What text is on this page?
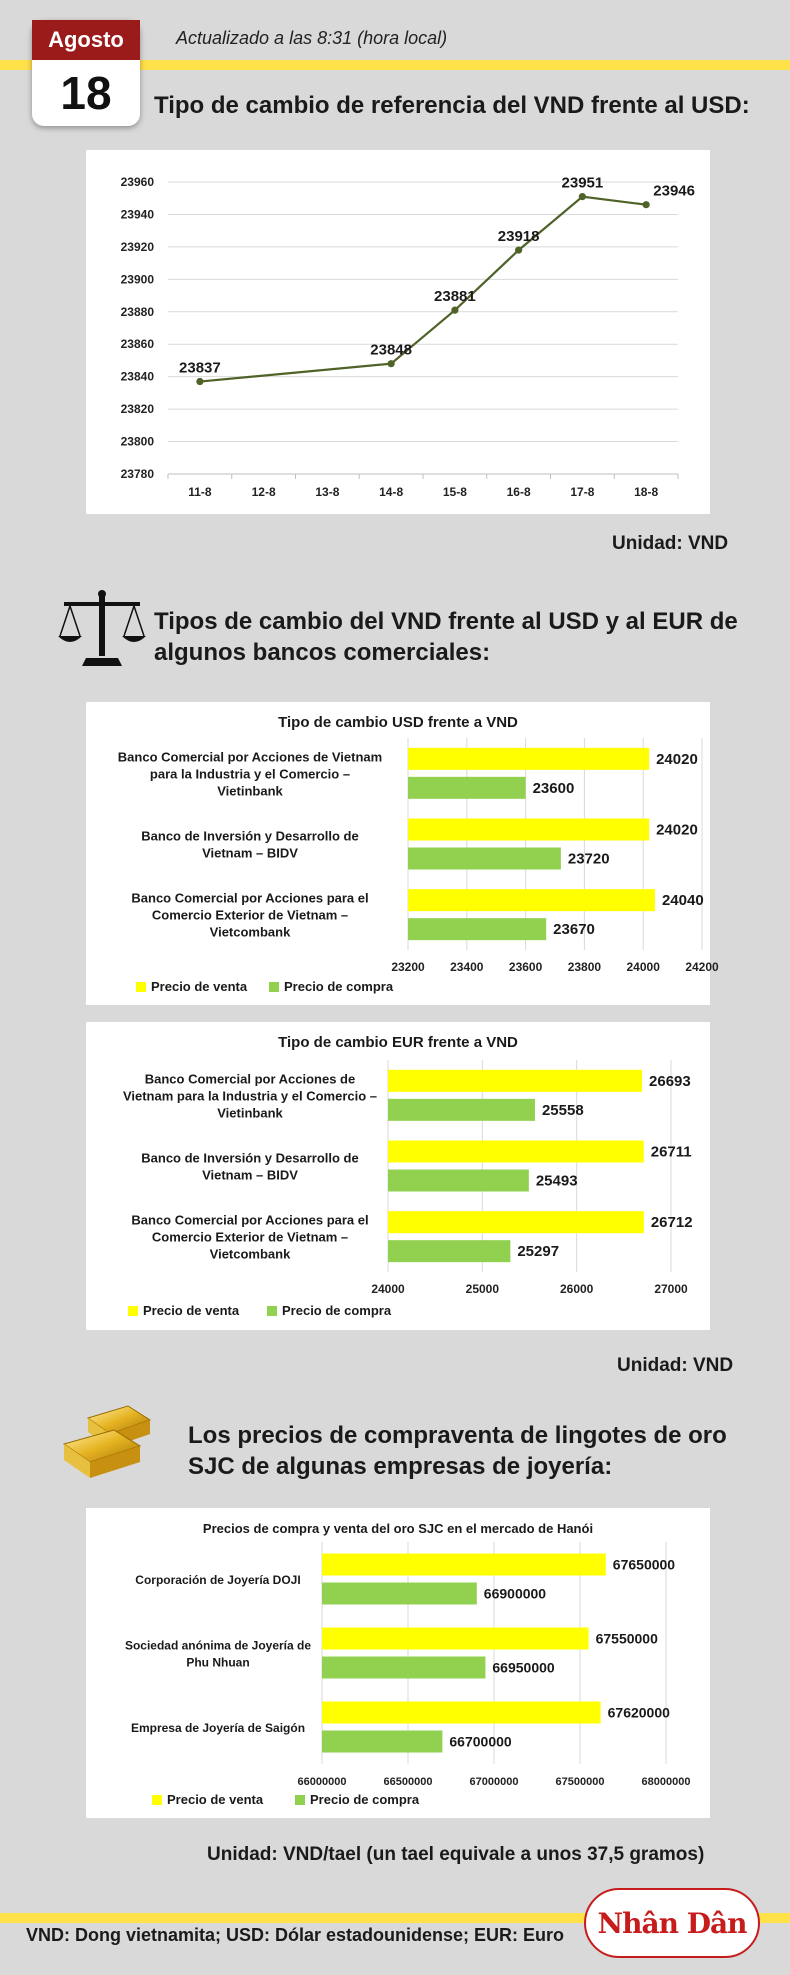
Agosto
18
Actualizado a las 8:31 (hora local)
Tipo de cambio de referencia del VND frente al USD:
23780
23800
23820
23840
23860
23880
23900
23920
23940
23960
11-8	12-8	13-8	14-8	15-8	16-8	17-8	18-8
23837
23848
23881
23918
23951	23946
Unidad: VND
Tipos de cambio del VND frente al USD y al EUR de
algunos bancos comerciales:
Tipo de cambio USD frente a VND
23200 23400 23600 23800 24000 24200
Banco Comercial por Acciones de Vietnam
para la Industria y el Comercio –
Vietinbank
24020
23600
Banco de Inversión y Desarrollo de
Vietnam – BIDV
24020
23720
Banco Comercial por Acciones para el
Comercio Exterior de Vietnam –
Vietcombank
24040
23670
Precio de venta	Precio de compra
Tipo de cambio EUR frente a VND
24000	25000	26000	27000
Banco Comercial por Acciones de
Vietnam para la Industria y el Comercio –
Vietinbank
26693
25558
Banco de Inversión y Desarrollo de
Vietnam – BIDV
26711
25493
Banco Comercial por Acciones para el
Comercio Exterior de Vietnam –
Vietcombank
26712
25297
Precio de venta	Precio de compra
Unidad: VND
Los precios de compraventa de lingotes de oro
SJC de algunas empresas de joyería:
Precios de compra y venta del oro SJC en el mercado de Hanói
66000000	66500000	67000000	67500000	68000000
Corporación de Joyería DOJI
67650000
66900000
Sociedad anónima de Joyería de
Phu Nhuan
67550000
66950000
Empresa de Joyería de Saigón
67620000
66700000
Precio de venta	Precio de compra
Unidad: VND/tael (un tael equivale a unos 37,5 gramos)
VND: Dong vietnamita; USD: Dólar estadounidense; EUR: Euro Nhân Dân
